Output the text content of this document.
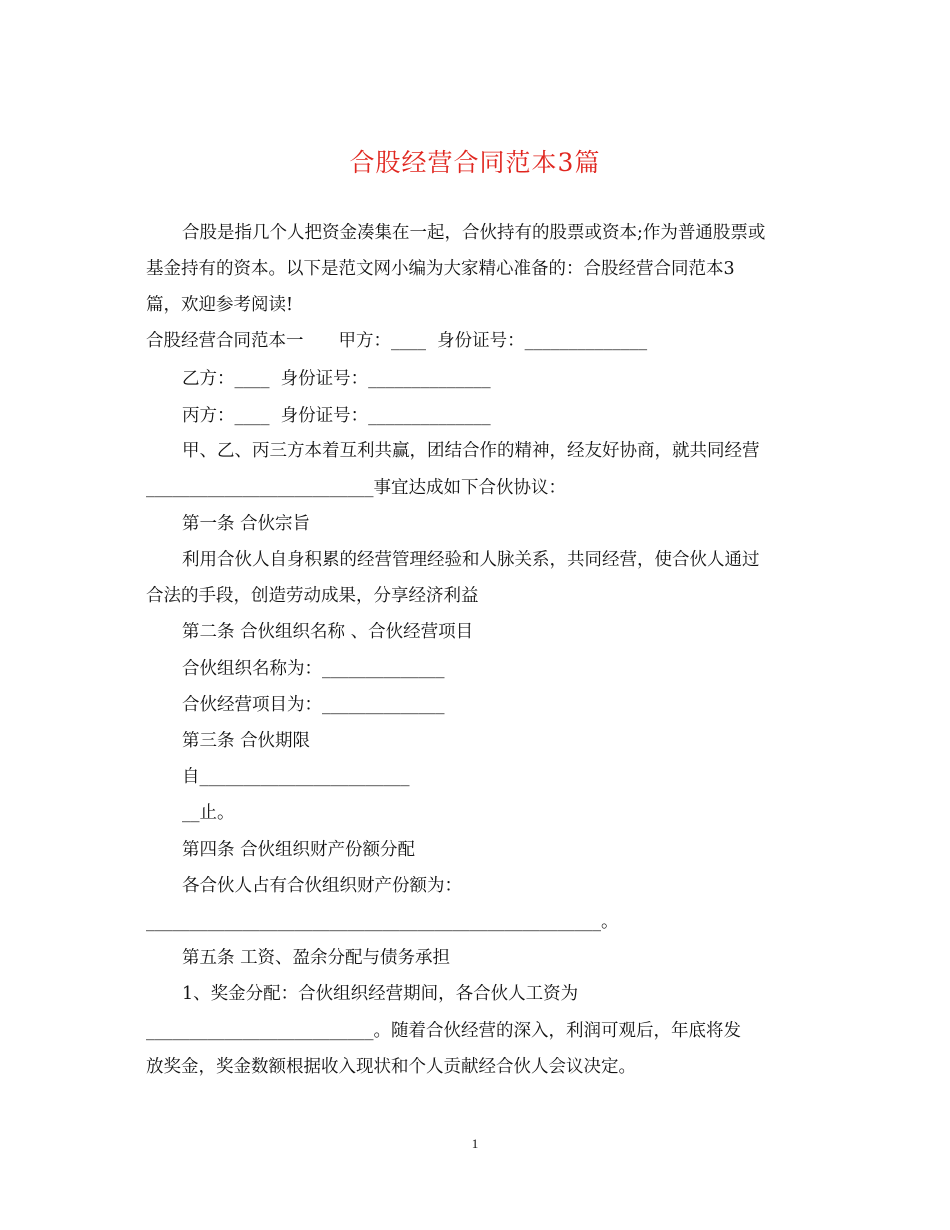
合股经营合同范本3篇
合股是指几个人把资金凑集在一起，合伙持有的股票或资本;作为普通股票或
基金持有的资本。以下是范文网小编为大家精心准备的：合股经营合同范本3
篇，欢迎参考阅读!
合股经营合同范本一　　甲方：____  身份证号：______________
乙方：____  身份证号：______________
丙方：____  身份证号：______________
甲、乙、丙三方本着互利共赢，团结合作的精神，经友好协商，就共同经营
__________________________事宜达成如下合伙协议：
第一条 合伙宗旨
利用合伙人自身积累的经营管理经验和人脉关系，共同经营，使合伙人通过
合法的手段，创造劳动成果，分享经济利益
第二条 合伙组织名称 、合伙经营项目
合伙组织名称为：______________
合伙经营项目为：______________
第三条 合伙期限
自________________________
__止。
第四条 合伙组织财产份额分配
各合伙人占有合伙组织财产份额为：
____________________________________________________。
第五条 工资、盈余分配与债务承担
1、奖金分配：合伙组织经营期间，各合伙人工资为
__________________________。随着合伙经营的深入，利润可观后，年底将发
放奖金，奖金数额根据收入现状和个人贡献经合伙人会议决定。
1
